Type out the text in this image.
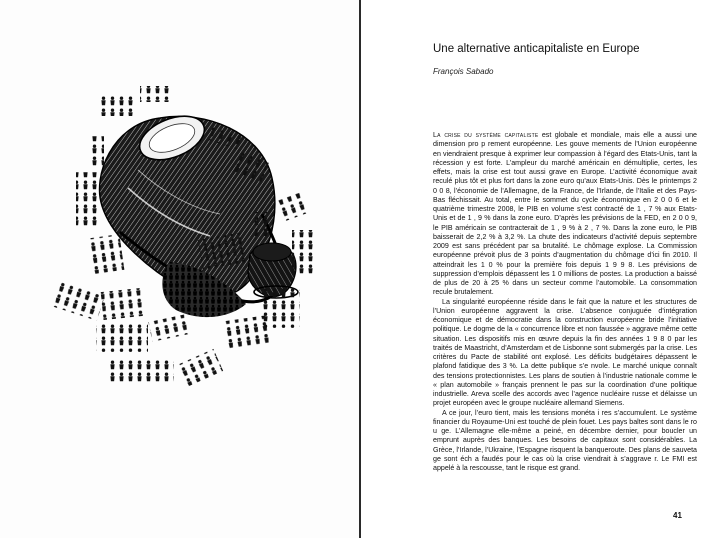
Une alternative anticapitaliste en Europe
François Sabado

La crise du système capitaliste est globale et mondiale, mais elle a aussi une dimension pro p rement européenne. Les gouve mements de l’Union européenne en viendraient presque à exprimer leur compassion à l’égard des Etats-Unis, tant la récession y est forte. L’ampleur du marché américain en démultiplie, certes, les effets, mais la crise est tout aussi grave en Europe. L’activité économique avait reculé plus tôt et plus fort dans la zone euro qu’aux Etats-Unis. Dès le printemps 2 0 0 8, l’économie de l’Allemagne, de la France, de l’Irlande, de l’Italie et des Pays-Bas fléchissait. Au total, entre le sommet du cycle économique en 2 0 0 6 et le quatrième trimestre 2008, le PIB en volume s’est contracté de 1 , 7 % aux Etats-Unis et de 1 , 9 % dans la zone euro. D’après les prévisions de la FED, en 2 0 0 9, le PIB américain se contracterait de 1 , 9 % à 2 , 7 %. Dans la zone euro, le PIB baisserait de 2,2 % à 3,2 %. La chute des indicateurs d’activité depuis septembre 2009 est sans précédent par sa brutalité. Le chômage explose. La Commission européenne prévoit plus de 3 points d’augmentation du chômage d’ici fin 2010. Il atteindrait les 1 0 % pour la première fois depuis 1 9 9 8. Les prévisions de suppression d’emplois dépassent les 1 0 millions de postes. La production a baissé de plus de 20 à 25 % dans un secteur comme l’automobile. La consommation recule brutalement.

La singularité européenne réside dans le fait que la nature et les structures de l’Union européenne aggravent la crise. L’absence conjuguée d’intégration économique et de démocratie dans la construction européenne bride l’initiative politique. Le dogme de la « concurrence libre et non faussée » aggrave même cette situation. Les dispositifs mis en œuvre depuis la fin des années 1 9 8 0 par les traités de Maastricht, d’Amsterdam et de Lisbonne sont submergés par la crise. Les critères du Pacte de stabilité ont explosé. Les déficits budgétaires dépassent le plafond fatidique des 3 %. La dette publique s’e nvole. Le marché unique connaît des tensions protectionnistes. Les plans de soutien à l’industrie nationale comme le « plan automobile » français prennent le pas sur la coordination d’une politique industrielle. Areva scelle des accords avec l’agence nucléaire russe et délaisse un projet européen avec le groupe nucléaire allemand Siemens.

A ce jour, l’euro tient, mais les tensions monéta i res s’accumulent. Le système financier du Royaume-Uni est touché de plein fouet. Les pays baltes sont dans le ro u ge. L’Allemagne elle-même a peiné, en décembre dernier, pour boucler un emprunt auprès des banques. Les besoins de capitaux sont considérables. La Grèce, l’Irlande, l’Ukraine, l’Espagne risquent la banqueroute. Des plans de sauveta ge sont éch a faudés pour le cas où la crise viendrait à s’aggrave r. Le FMI est appelé à la rescousse, tant le risque est grand.

41
